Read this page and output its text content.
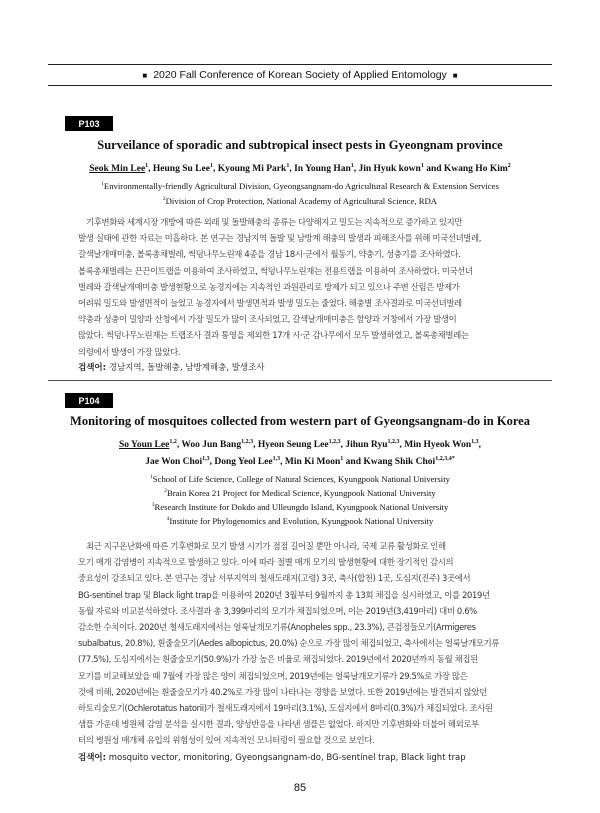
■ 2020 Fall Conference of Korean Society of Applied Entomology ■
P103
Surveilance of sporadic and subtropical insect pests in Gyeongnam province
Seok Min Lee$^1$, Heung Su Lee$^1$, Kyoung Mi Park$^1$, In Young Han$^1$, Jin Hyuk kown$^1$ and Kwang Ho Kim$^2$
$^1$Environmentally-friendly Agricultural Division, Gyeongsangnam-do Agricultural Research & Extension Services
$^2$Division of Crop Protection, National Academy of Agricultural Science, RDA
기후변화와 세계시장 개방에 따른 외래 및 돌발해충의 종류는 다양해지고 밀도는 지속적으로 증가하고 있지만
발생 실태에 관한 자료는 미흡하다. 본 연구는 경남지역 돌발 및 남방계 해충의 발생과 피해조사를 위해 미국선녀벌레,
갈색날개매미충, 볼록총채벌레, 썩덩나무노린재 4종을 경남 18시·군에서 월동기, 약충기, 성충기를 조사하였다.
볼록총채벌레는 끈끈이트랩을 이용하여 조사하였고, 썩덩나무노린재는 전용트랩을 이용하여 조사하였다. 미국선녀
벌레와 갈색날개매미충 발생현황으로 농경지에는 지속적인 과원관리로 방제가 되고 있으나 주변 산림은 방제가
어려워 밀도와 발생면적이 늘었고 농경지에서 발생면적과 발생 밀도는 줄었다. 해충별 조사결과로 미국선녀벌레
약충과 성충이 밀양과 산청에서 가장 밀도가 많이 조사되었고, 갈색날개매미충은 함양과 거창에서 가장 발생이
많았다. 썩덩나무노린재는 트랩조사 결과 통영을 제외한 17개 시·군 감나무에서 모두 발생하였고, 볼록총채벌레는
의령에서 발생이 가장 많았다.
검색어: 경남지역, 돌발해충, 남방계해충, 발생조사
P104
Monitoring of mosquitoes collected from western part of Gyeongsangnam-do in Korea
So Youn Lee$^{1,2}$, Woo Jun Bang$^{1,2,3}$, Hyeon Seung Lee$^{1,2,3}$, Jihun Ryu$^{1,2,3}$, Min Hyeok Won$^{1,3}$,
Jae Won Choi$^{1,3}$, Dong Yeol Lee$^{1,3}$, Min Ki Moon$^1$ and Kwang Shik Choi$^{1,2,3,4*}$
$^1$School of Life Science, College of Natural Sciences, Kyungpook National University
$^2$Brain Korea 21 Project for Medical Science, Kyungpook National University
$^3$Research Institute for Dokdo and Ulleungdo Island, Kyungpook National University
$^4$Institute for Phylogenomics and Evolution, Kyungpook National University
최근 지구온난화에 따른 기후변화로 모기 발생 시기가 점점 길어질 뿐만 아니라, 국제 교류 활성화로 인해
모기 매개 감염병이 지속적으로 발생하고 있다. 이에 따라 절별 매개 모기의 발생현황에 대한 장기적인 감시의
중요성이 강조되고 있다. 본 연구는 경남 서부지역의 철새도래지(고령) 3곳, 축사(합천) 1곳, 도심지(진주) 3곳에서
BG-sentinel trap 및 Black light trap을 이용하여 2020년 3월부터 9월까지 총 13회 채집을 실시하였고, 이를 2019년
동월 자료와 비교분석하였다. 조사결과 총 3,399마리의 모기가 채집되었으며, 이는 2019년(3,419마리) 대비 0.6%
감소한 수치이다. 2020년 철새도래지에서는 얼룩날개모기류(Anopheles spp., 23.3%), 큰검정들모기(Armigeres
subalbatus, 20.8%), 흰줄숲모기(Aedes albopictus, 20.0%) 순으로 가장 많이 채집되었고, 축사에서는 얼룩날개모기류
(77.5%), 도심지에서는 흰줄숲모기(50.9%)가 가장 높은 비율로 채집되었다. 2019년에서 2020년까지 동월 채집된
모기를 비교해보았을 때 7월에 가장 많은 양이 채집되었으며, 2019년에는 얼룩날개모기류가 29.5%로 가장 많은
것에 비해, 2020년에는 흰줄숲모기가 40.2%로 가장 많이 나타나는 경향을 보였다. 또한 2019년에는 발견되지 않았던
하토리숲모기(Ochlerotatus hatorii)가 철새도래지에서 19마리(3.1%), 도심지에서 8마리(0.3%)가 채집되었다. 조사된
샘플 가운데 병원체 감염 분석을 실시한 결과, 양성반응을 나타낸 샘플은 없었다. 하지만 기후변화와 더불어 해외로부
터의 병원성 매개체 유입의 위험성이 있어 지속적인 모니터링이 필요할 것으로 보인다.
검색어: mosquito vector, monitoring, Gyeongsangnam-do, BG-sentinel trap, Black light trap
85
